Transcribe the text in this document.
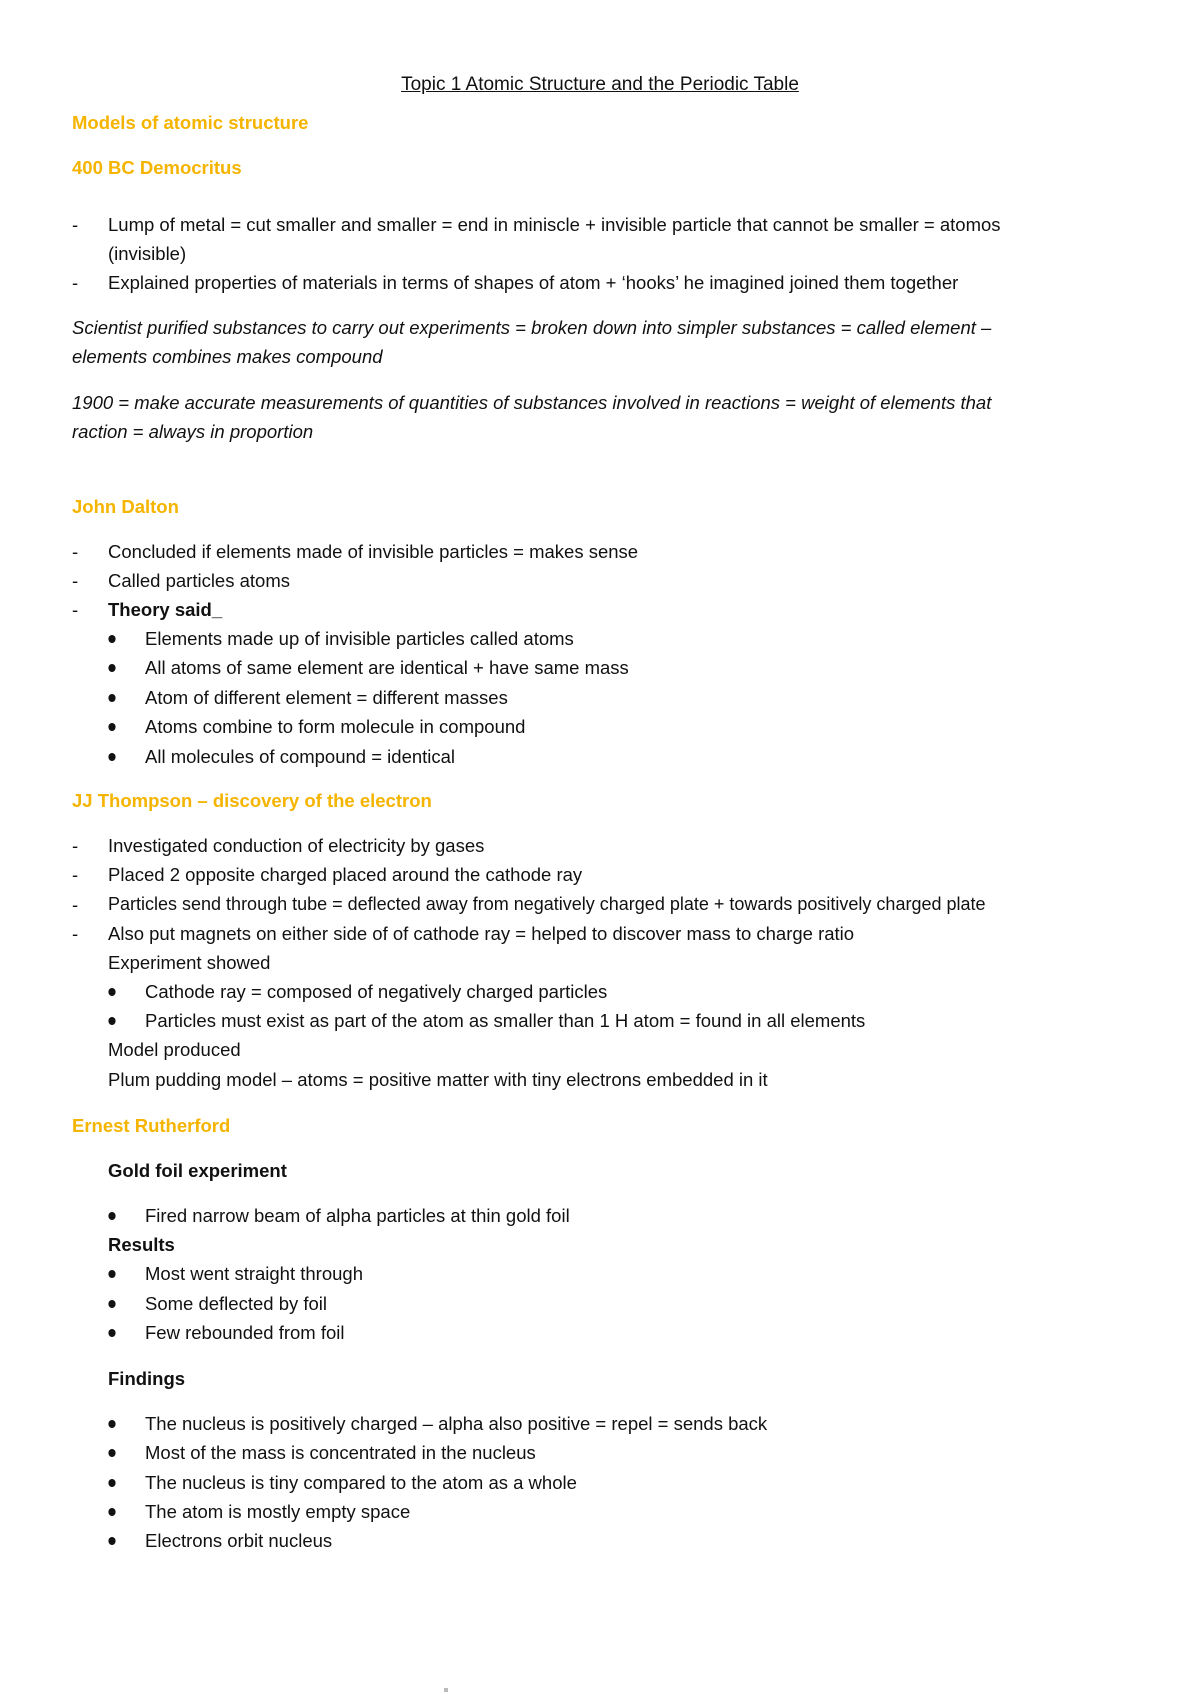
Topic 1 Atomic Structure and the Periodic Table
Models of atomic structure
400 BC Democritus
- Lump of metal = cut smaller and smaller = end in miniscle + invisible particle that cannot be smaller = atomos
(invisible)
- Explained properties of materials in terms of shapes of atom + ‘hooks’ he imagined joined them together
Scientist purified substances to carry out experiments = broken down into simpler substances = called element –
elements combines makes compound
1900 = make accurate measurements of quantities of substances involved in reactions = weight of elements that
raction = always in proportion
John Dalton
- Concluded if elements made of invisible particles = makes sense
- Called particles atoms
- Theory said_
Elements made up of invisible particles called atoms
All atoms of same element are identical + have same mass
Atom of different element = different masses
Atoms combine to form molecule in compound
All molecules of compound = identical
JJ Thompson – discovery of the electron
- Investigated conduction of electricity by gases
- Placed 2 opposite charged placed around the cathode ray
- Particles send through tube = deflected away from negatively charged plate + towards positively charged plate
- Also put magnets on either side of of cathode ray = helped to discover mass to charge ratio
Experiment showed
Cathode ray = composed of negatively charged particles
Particles must exist as part of the atom as smaller than 1 H atom = found in all elements
Model produced
Plum pudding model – atoms = positive matter with tiny electrons embedded in it
Ernest Rutherford
Gold foil experiment
Fired narrow beam of alpha particles at thin gold foil
Results
Most went straight through
Some deflected by foil
Few rebounded from foil
Findings
The nucleus is positively charged – alpha also positive = repel = sends back
Most of the mass is concentrated in the nucleus
The nucleus is tiny compared to the atom as a whole
The atom is mostly empty space
Electrons orbit nucleus
